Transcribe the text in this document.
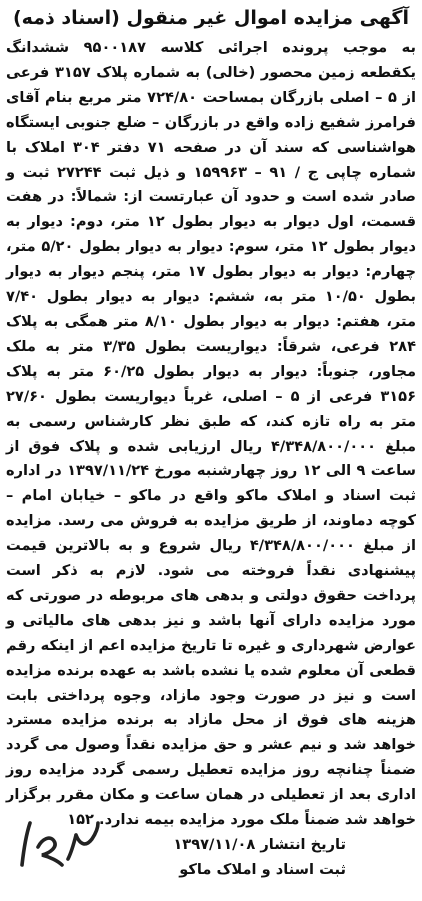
آگهی مزایده اموال غیر منقول (اسناد ذمه)

به موجب پرونده اجرائی کلاسه ۹۵۰۰۱۸۷ ششدانگ یکقطعه زمین محصور (خالی) به شماره پلاک ۳۱۵۷ فرعی از ۵ – اصلی بازرگان بمساحت ۷۲۴/۸۰ متر مربع بنام آقای فرامرز شفیع زاده واقع در بازرگان – ضلع جنوبی ایستگاه هواشناسی که سند آن در صفحه ۷۱ دفتر ۳۰۴ املاک با شماره چاپی ج / ۹۱ – ۱۵۹۹۶۳ و ذیل ثبت ۲۷۲۴۴ ثبت و صادر شده است و حدود آن عبارتست از: شمالاً: در هفت قسمت، اول دیوار به دیوار بطول ۱۲ متر، دوم: دیوار به دیوار بطول ۱۲ متر، سوم: دیوار به دیوار بطول ۵/۲۰ متر، چهارم: دیوار به دیوار بطول ۱۷ متر، پنجم دیوار به دیوار بطول ۱۰/۵۰ متر به، ششم: دیوار به دیوار بطول ۷/۴۰ متر، هفتم: دیوار به دیوار بطول ۸/۱۰ متر همگی به پلاک ۲۸۴ فرعی، شرقاً: دیواریست بطول ۳/۳۵ متر به ملک مجاور، جنوباً: دیوار به دیوار بطول ۶۰/۲۵ متر به پلاک ۳۱۵۶ فرعی از ۵ – اصلی، غرباً دیواریست بطول ۲۷/۶۰ متر به راه تازه کند، که طبق نظر کارشناس رسمی به مبلغ ۴/۳۴۸/۸۰۰/۰۰۰ ریال ارزیابی شده و پلاک فوق از ساعت ۹ الی ۱۲ روز چهارشنبه مورخ ۱۳۹۷/۱۱/۲۴ در اداره ثبت اسناد و املاک ماکو واقع در ماکو – خیابان امام – کوچه دماوند، از طریق مزایده به فروش می رسد. مزایده از مبلغ ۴/۳۴۸/۸۰۰/۰۰۰ ریال شروع و به بالاترین قیمت پیشنهادی نقداً فروخته می شود. لازم به ذکر است پرداخت حقوق دولتی و بدهی های مربوطه در صورتی که مورد مزایده دارای آنها باشد و نیز بدهی های مالیاتی و عوارض شهرداری و غیره تا تاریخ مزایده اعم از اینکه رقم قطعی آن معلوم شده یا نشده باشد به عهده برنده مزایده است و نیز در صورت وجود مازاد، وجوه پرداختی بابت هزینه های فوق از محل مازاد به برنده مزایده مسترد خواهد شد و نیم عشر و حق مزایده نقداً وصول می گردد ضمناً چنانچه روز مزایده تعطیل رسمی گردد مزایده روز اداری بعد از تعطیلی در همان ساعت و مکان مقرر برگزار خواهد شد ضمناً ملک مورد مزایده بیمه ندارد. ۱۵۲

تاریخ انتشار ۱۳۹۷/۱۱/۰۸

ثبت اسناد و املاک ماکو
